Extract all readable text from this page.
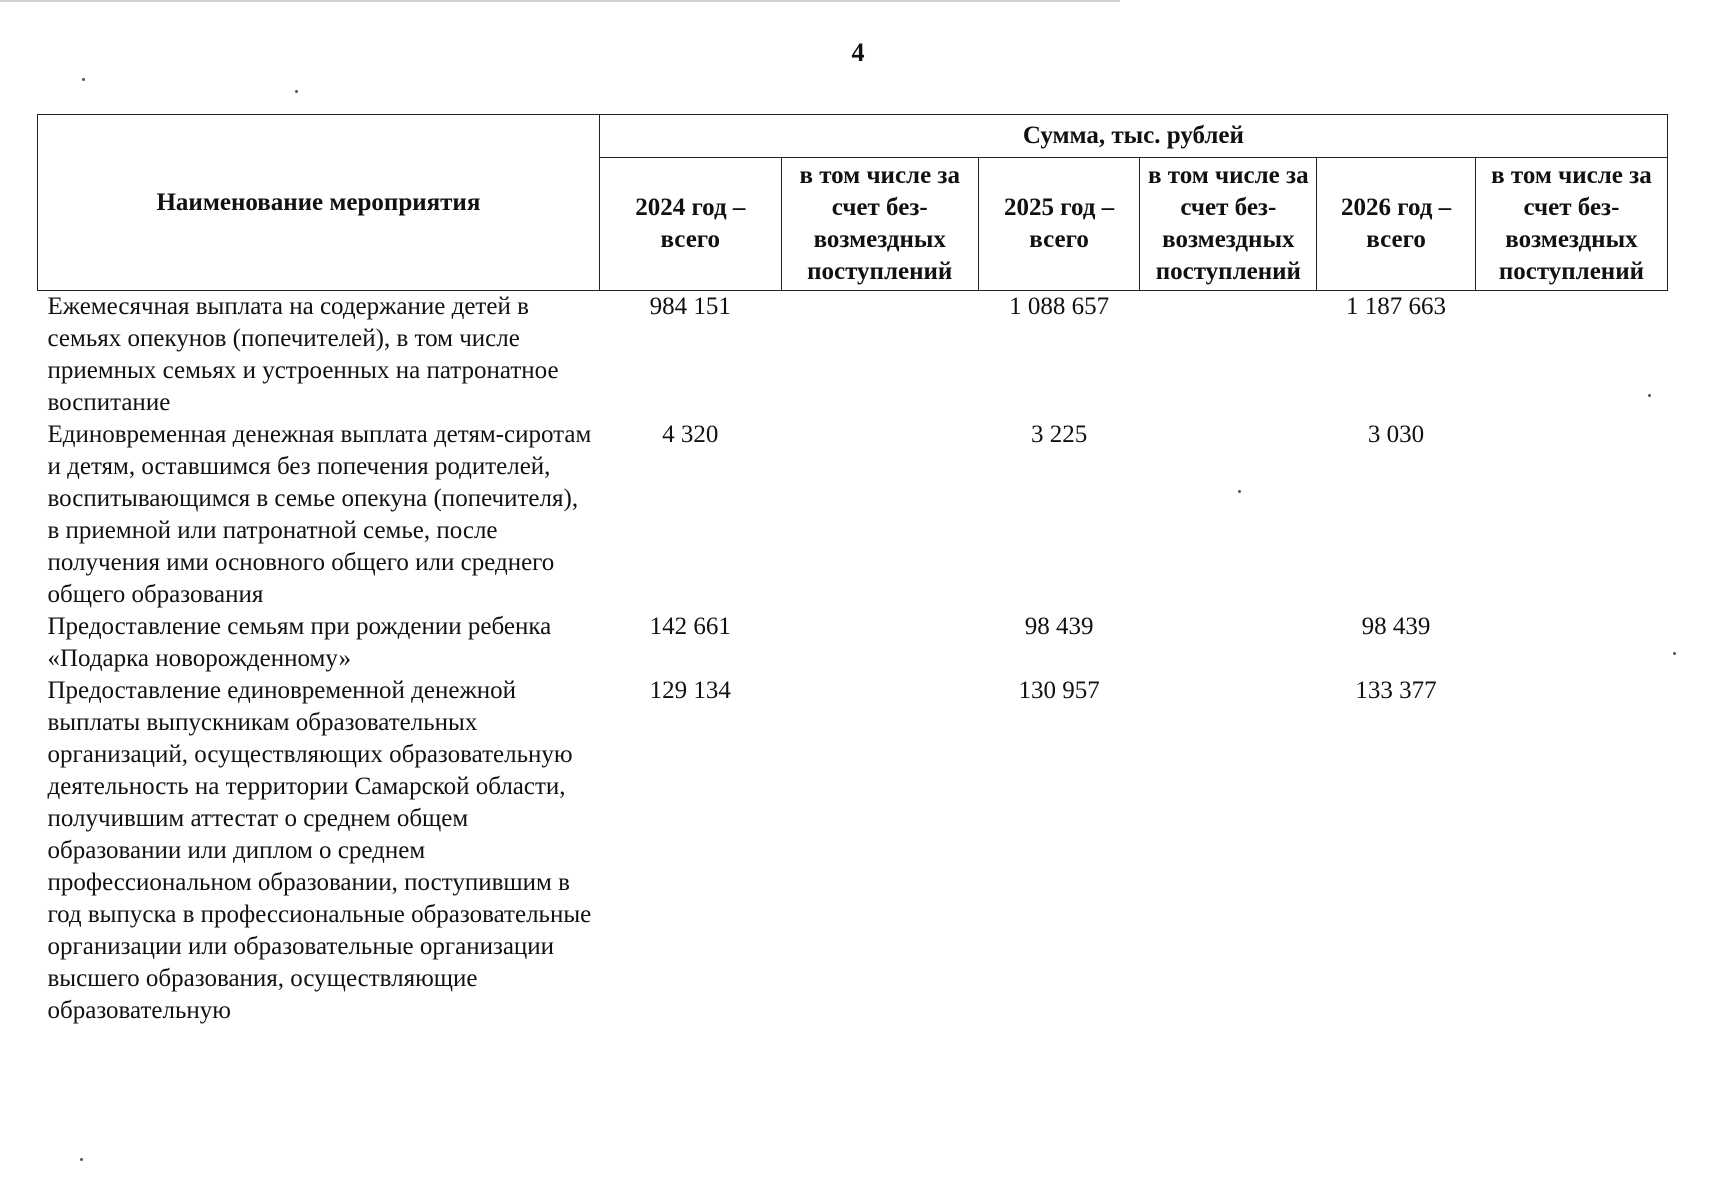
4
Наименование мероприятия	Сумма, тыс. рублей					
	2024 год – всего	в том числе за счет без-возмездных поступлений	2025 год – всего	в том числе за счет без-возмездных поступлений	2026 год – всего	в том числе за счет без-возмездных поступлений
Ежемесячная выплата на содержание детей в семьях опекунов (попечителей), в том числе приемных семьях и устроенных на патронатное воспитание	984 151		1 088 657		1 187 663	
Единовременная денежная выплата детям-сиротам и детям, оставшимся без попечения родителей, воспитывающимся в семье опекуна (попечителя), в приемной или патронатной семье, после получения ими основного общего или среднего общего образования	4 320		3 225		3 030	
Предоставление семьям при рождении ребенка «Подарка новорожденному»	142 661		98 439		98 439	
Предоставление единовременной денежной выплаты выпускникам образовательных организаций, осуществляющих образовательную деятельность на территории Самарской области, получившим аттестат о среднем общем образовании или диплом о среднем профессиональном образовании, поступившим в год выпуска в профессиональные образовательные организации или образовательные организации высшего образования, осуществляющие образовательную	129 134		130 957		133 377	
